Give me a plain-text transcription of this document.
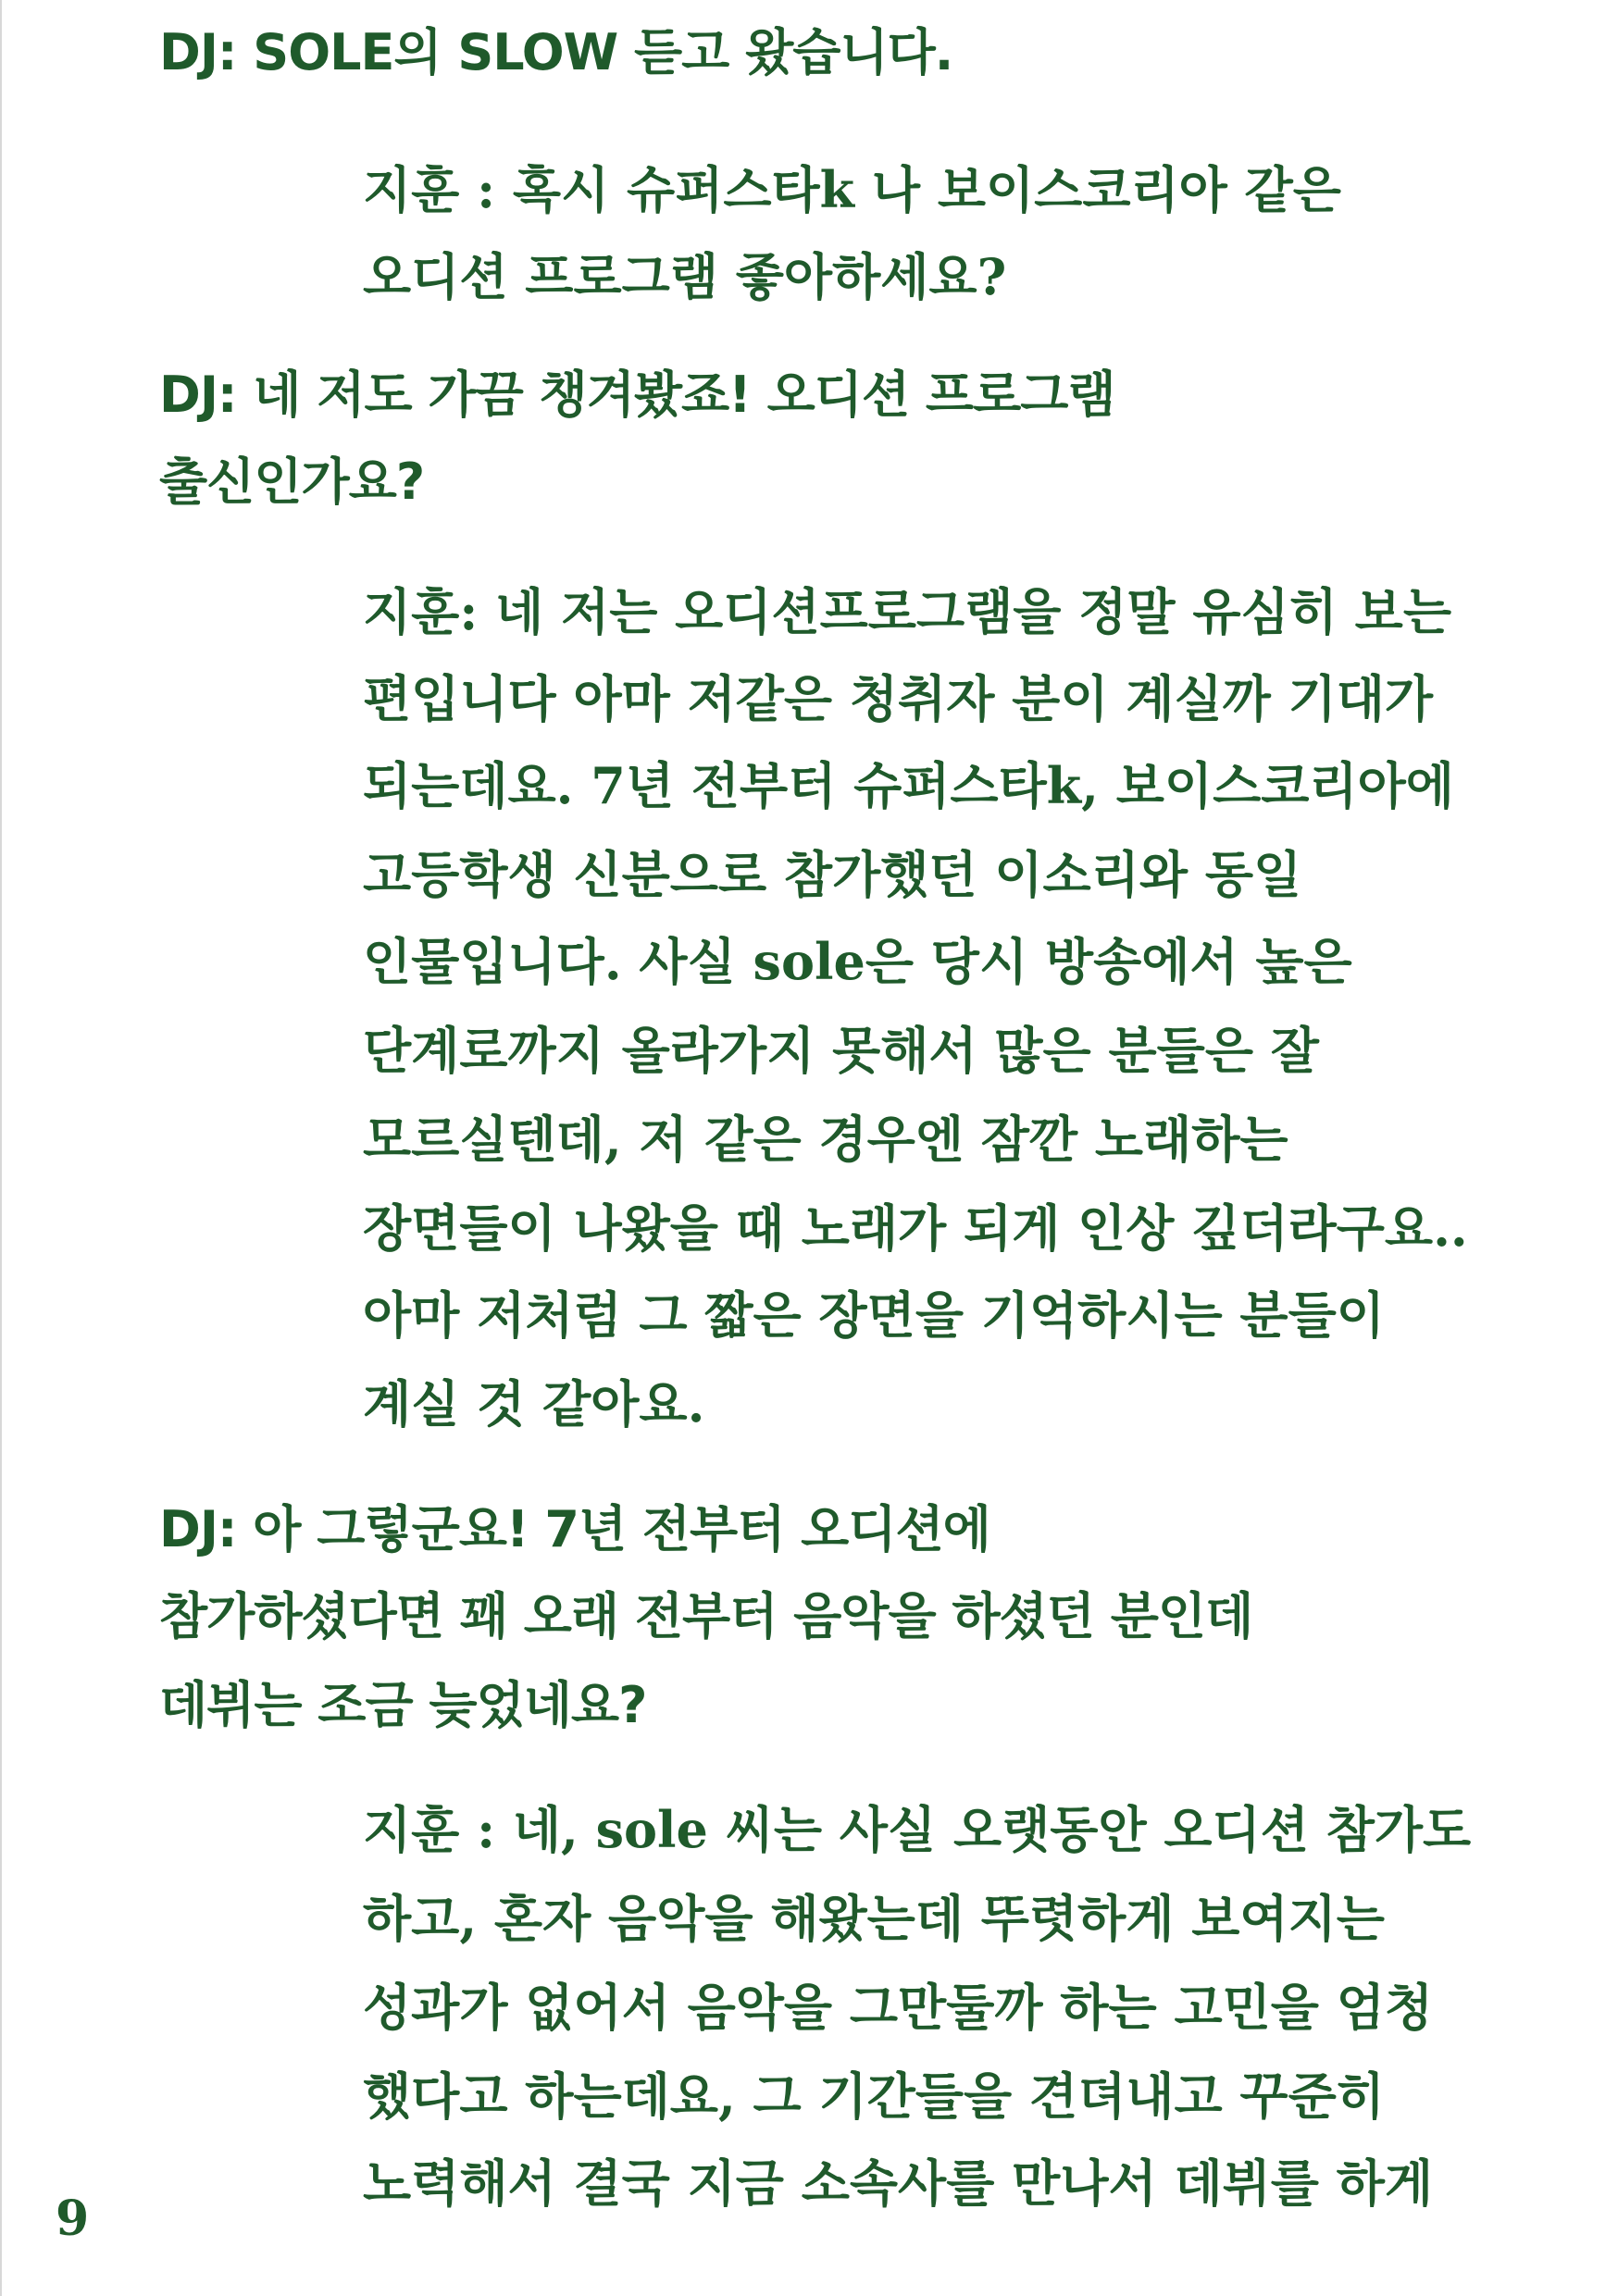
DJ: SOLE의 SLOW 듣고 왔습니다.

지훈 : 혹시 슈퍼스타k 나 보이스코리아 같은

오디션 프로그램 좋아하세요?

DJ: 네 저도 가끔 챙겨봤죠! 오디션 프로그램

출신인가요?

지훈: 네 저는 오디션프로그램을 정말 유심히 보는

편입니다 아마 저같은 청취자 분이 계실까 기대가

되는데요. 7년 전부터 슈퍼스타k, 보이스코리아에

고등학생 신분으로 참가했던 이소리와 동일

인물입니다. 사실 sole은 당시 방송에서 높은

단계로까지 올라가지 못해서 많은 분들은 잘

모르실텐데, 저 같은 경우엔 잠깐 노래하는

장면들이 나왔을 때 노래가 되게 인상 깊더라구요..

아마 저처럼 그 짧은 장면을 기억하시는 분들이

계실 것 같아요.

DJ: 아 그렇군요! 7년 전부터 오디션에

참가하셨다면 꽤 오래 전부터 음악을 하셨던 분인데

데뷔는 조금 늦었네요?

지훈 : 네, sole 씨는 사실 오랫동안 오디션 참가도

하고, 혼자 음악을 해왔는데 뚜렷하게 보여지는

성과가 없어서 음악을 그만둘까 하는 고민을 엄청

했다고 하는데요, 그 기간들을 견뎌내고 꾸준히

노력해서 결국 지금 소속사를 만나서 데뷔를 하게

9
